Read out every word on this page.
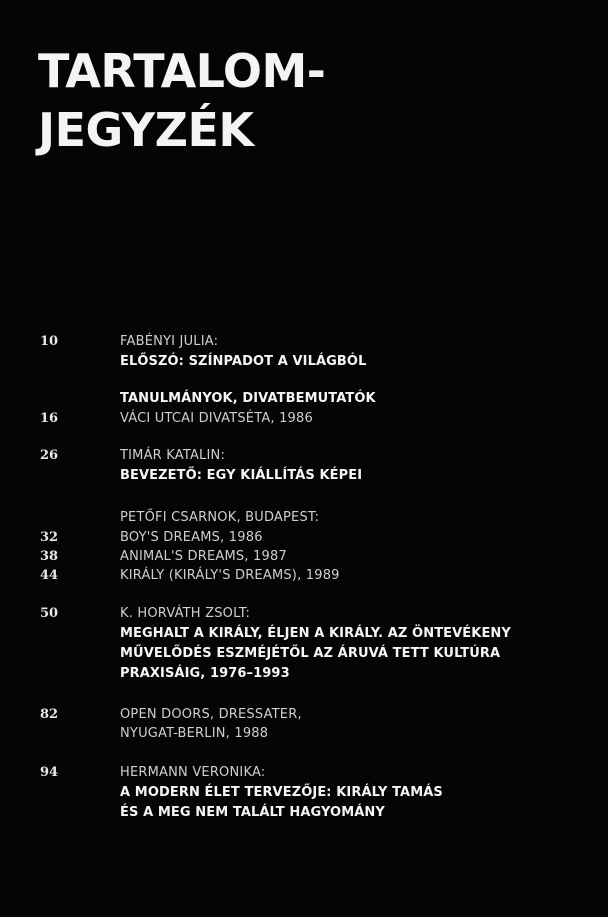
TARTALOM-
JEGYZÉK
10	FABÉNYI JULIA:
ELŐSZÓ: SZÍNPADOT A VILÁGBÓL
TANULMÁNYOK, DIVATBEMUTATÓK
16	VÁCI UTCAI DIVATSÉTA, 1986
26	TIMÁR KATALIN:
BEVEZETŐ: EGY KIÁLLÍTÁS KÉPEI
PETŐFI CSARNOK, BUDAPEST:
32	BOY'S DREAMS, 1986
38	ANIMAL'S DREAMS, 1987
44	KIRÁLY (KIRÁLY'S DREAMS), 1989
50	K. HORVÁTH ZSOLT:
MEGHALT A KIRÁLY, ÉLJEN A KIRÁLY. AZ ÖNTEVÉKENY
MŰVELŐDÉS ESZMÉJÉTŐL AZ ÁRUVÁ TETT KULTÚRA
PRAXISÁIG, 1976–1993
82	OPEN DOORS, DRESSATER,
NYUGAT-BERLIN, 1988
94	HERMANN VERONIKA:
A MODERN ÉLET TERVEZŐJE: KIRÁLY TAMÁS
ÉS A MEG NEM TALÁLT HAGYOMÁNY
